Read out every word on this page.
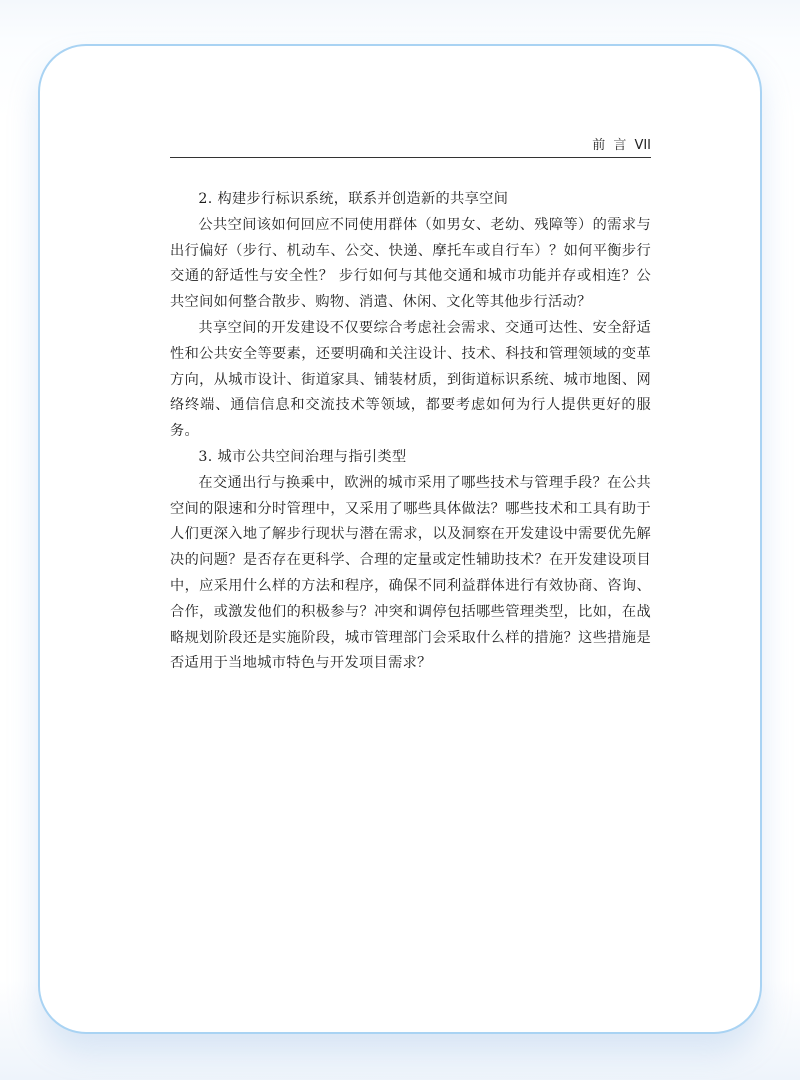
前 言 VII

2. 构建步行标识系统，联系并创造新的共享空间

公共空间该如何回应不同使用群体（如男女、老幼、残障等）的需求与出行偏好（步行、机动车、公交、快递、摩托车或自行车）？如何平衡步行交通的舒适性与安全性？ 步行如何与其他交通和城市功能并存或相连？公共空间如何整合散步、购物、消遣、休闲、文化等其他步行活动？

共享空间的开发建设不仅要综合考虑社会需求、交通可达性、安全舒适性和公共安全等要素，还要明确和关注设计、技术、科技和管理领域的变革方向，从城市设计、街道家具、铺装材质，到街道标识系统、城市地图、网络终端、通信信息和交流技术等领域，都要考虑如何为行人提供更好的服务。

3. 城市公共空间治理与指引类型

在交通出行与换乘中，欧洲的城市采用了哪些技术与管理手段？在公共空间的限速和分时管理中，又采用了哪些具体做法？哪些技术和工具有助于人们更深入地了解步行现状与潜在需求，以及洞察在开发建设中需要优先解决的问题？是否存在更科学、合理的定量或定性辅助技术？在开发建设项目中，应采用什么样的方法和程序，确保不同利益群体进行有效协商、咨询、合作，或激发他们的积极参与？冲突和调停包括哪些管理类型，比如，在战略规划阶段还是实施阶段，城市管理部门会采取什么样的措施？这些措施是否适用于当地城市特色与开发项目需求？
